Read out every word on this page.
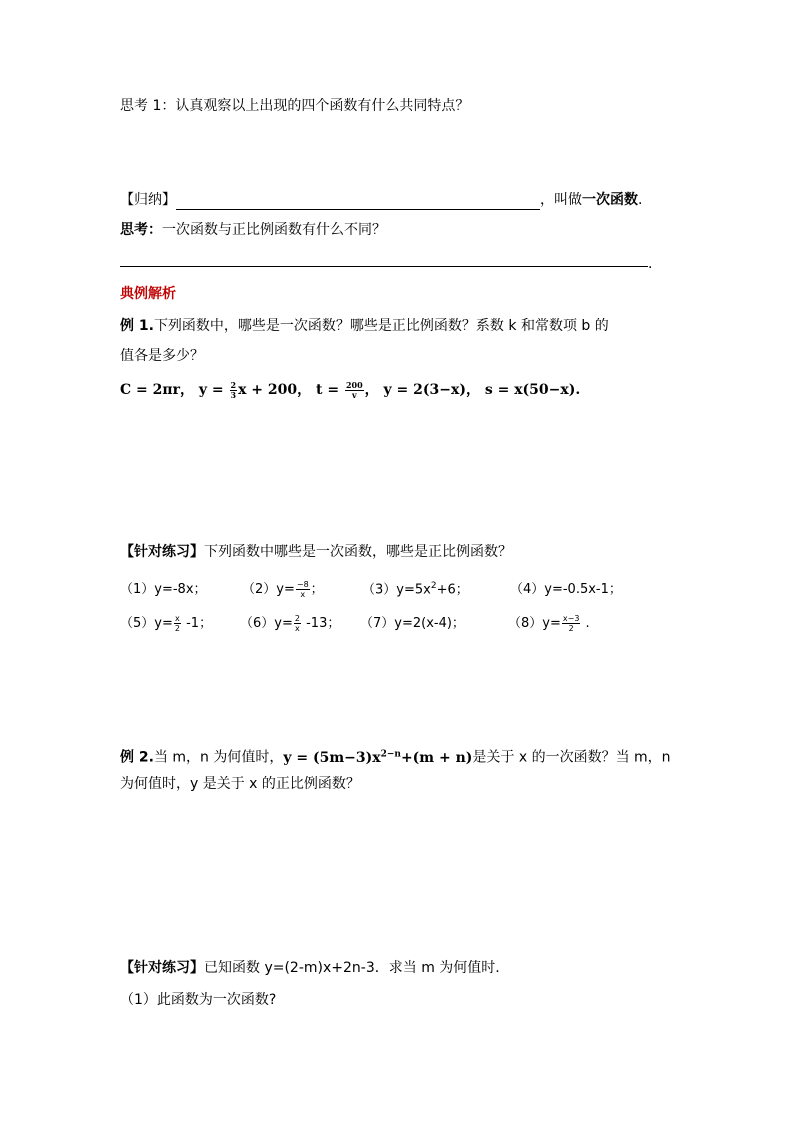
思考 1：认真观察以上出现的四个函数有什么共同特点？
【归纳】	，叫做一次函数.
思考：一次函数与正比例函数有什么不同？
.
典例解析
例 1.下列函数中，哪些是一次函数？哪些是正比例函数？系数 k 和常数项 b 的
值各是多少？
C = 2πr， $y = \frac{2}{3}$ x + 200， $t = \frac{200}{v}$ ， y = 2(3−x)， s = x(50−x).
【针对练习】下列函数中哪些是一次函数，哪些是正比例函数？
（1）y=-8x；	$(2)y= \frac{-8}{x}$ ；	$(3)y=5x^2+6$；	（4）y=-0.5x-1；
$(5)y= \frac{x}{2} -1$； $(6)y= \frac{2}{x} -13$； （7）y=2(x-4)；	$(8)y= \frac{x-3}{2}$ .
例 2.当 m，n 为何值时，$y = (5m-3)x^{2-n}+(m + n)$是关于 x 的一次函数？当 m，n
为何值时，y 是关于 x 的正比例函数？
【针对练习】已知函数 y=(2-m)x+2n-3．求当 m 为何值时.
（1）此函数为一次函数?
